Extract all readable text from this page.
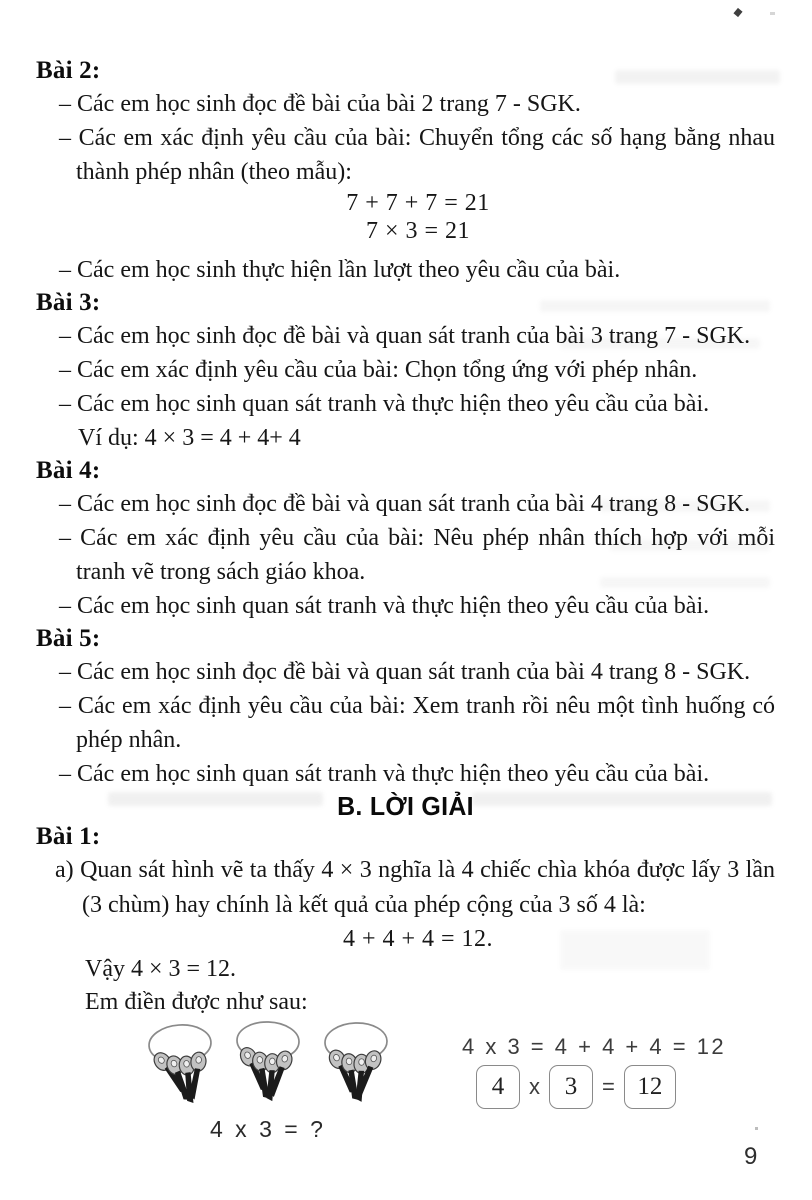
Bài 2:
– Các em học sinh đọc đề bài của bài 2 trang 7 - SGK.
– Các em xác định yêu cầu của bài: Chuyển tổng các số hạng bằng nhau thành phép nhân (theo mẫu):
7 + 7 + 7 = 21
7 × 3 = 21
– Các em học sinh thực hiện lần lượt theo yêu cầu của bài.
Bài 3:
– Các em học sinh đọc đề bài và quan sát tranh của bài 3 trang 7 - SGK.
– Các em xác định yêu cầu của bài: Chọn tổng ứng với phép nhân.
– Các em học sinh quan sát tranh và thực hiện theo yêu cầu của bài.
Ví dụ: 4 × 3 = 4 + 4+ 4
Bài 4:
– Các em học sinh đọc đề bài và quan sát tranh của bài 4 trang 8 - SGK.
– Các em xác định yêu cầu của bài: Nêu phép nhân thích hợp với mỗi tranh vẽ trong sách giáo khoa.
– Các em học sinh quan sát tranh và thực hiện theo yêu cầu của bài.
Bài 5:
– Các em học sinh đọc đề bài và quan sát tranh của bài 4 trang 8 - SGK.
– Các em xác định yêu cầu của bài: Xem tranh rồi nêu một tình huống có phép nhân.
– Các em học sinh quan sát tranh và thực hiện theo yêu cầu của bài.
B. LỜI GIẢI
Bài 1:
a) Quan sát hình vẽ ta thấy 4 × 3 nghĩa là 4 chiếc chìa khóa được lấy 3 lần (3 chùm) hay chính là kết quả của phép cộng của 3 số 4 là:
4 + 4 + 4 = 12.
Vậy 4 × 3 = 12.
Em điền được như sau:
4 x 3 = ?
4 x 3 = 4 + 4 + 4 = 12
4	x 3	= 12
9
